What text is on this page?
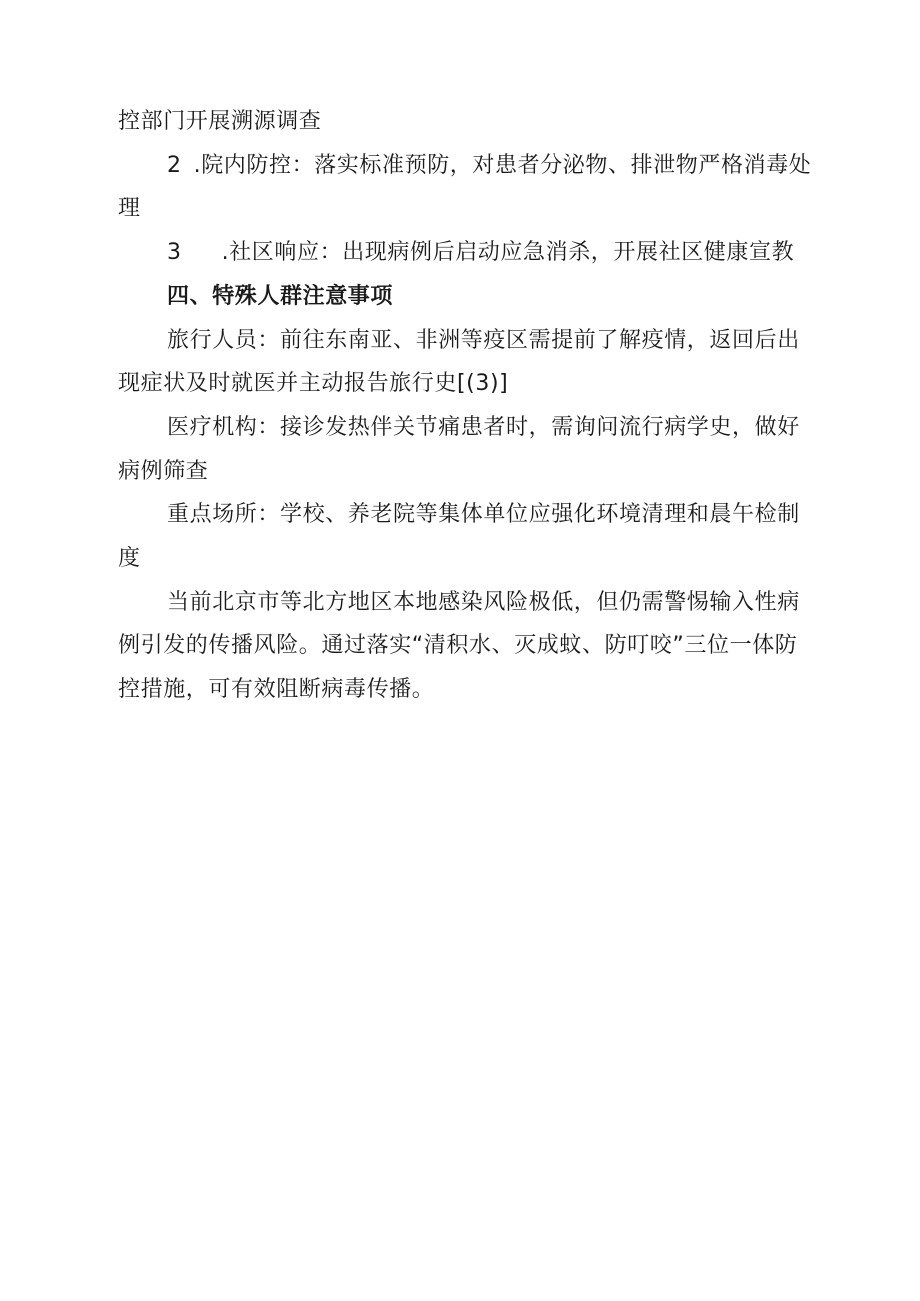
控部门开展溯源调查
2 .院内防控：落实标准预防，对患者分泌物、排泄物严格消毒处
理
3 .社区响应：出现病例后启动应急消杀，开展社区健康宣教
四、特殊人群注意事项
旅行人员：前往东南亚、非洲等疫区需提前了解疫情，返回后出
现症状及时就医并主动报告旅行史[(3)]
医疗机构：接诊发热伴关节痛患者时，需询问流行病学史，做好
病例筛查
重点场所：学校、养老院等集体单位应强化环境清理和晨午检制
度
当前北京市等北方地区本地感染风险极低，但仍需警惕输入性病
例引发的传播风险。通过落实“清积水、灭成蚊、防叮咬”三位一体防
控措施，可有效阻断病毒传播。
